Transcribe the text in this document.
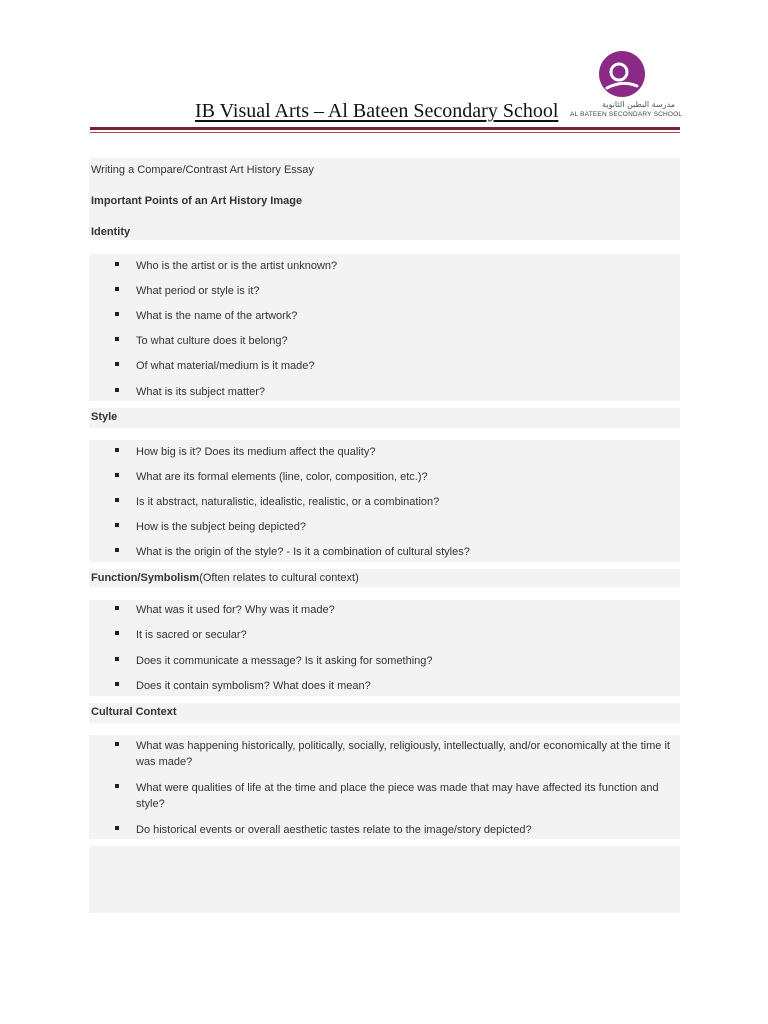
IB Visual Arts – Al Bateen Secondary School	مدرسة البطين الثانوية
AL BATEEN SECONDARY SCHOOL
Writing a Compare/Contrast Art History Essay
Important Points of an Art History Image
Identity
Who is the artist or is the artist unknown?
What period or style is it?
What is the name of the artwork?
To what culture does it belong?
Of what material/medium is it made?
What is its subject matter?
Style
How big is it? Does its medium affect the quality?
What are its formal elements (line, color, composition, etc.)?
Is it abstract, naturalistic, idealistic, realistic, or a combination?
How is the subject being depicted?
What is the origin of the style? - Is it a combination of cultural styles?
Function/Symbolism(Often relates to cultural context)
What was it used for? Why was it made?
It is sacred or secular?
Does it communicate a message? Is it asking for something?
Does it contain symbolism? What does it mean?
Cultural Context
What was happening historically, politically, socially, religiously, intellectually, and/or economically at the time it was made?
What were qualities of life at the time and place the piece was made that may have affected its function and style?
Do historical events or overall aesthetic tastes relate to the image/story depicted?
